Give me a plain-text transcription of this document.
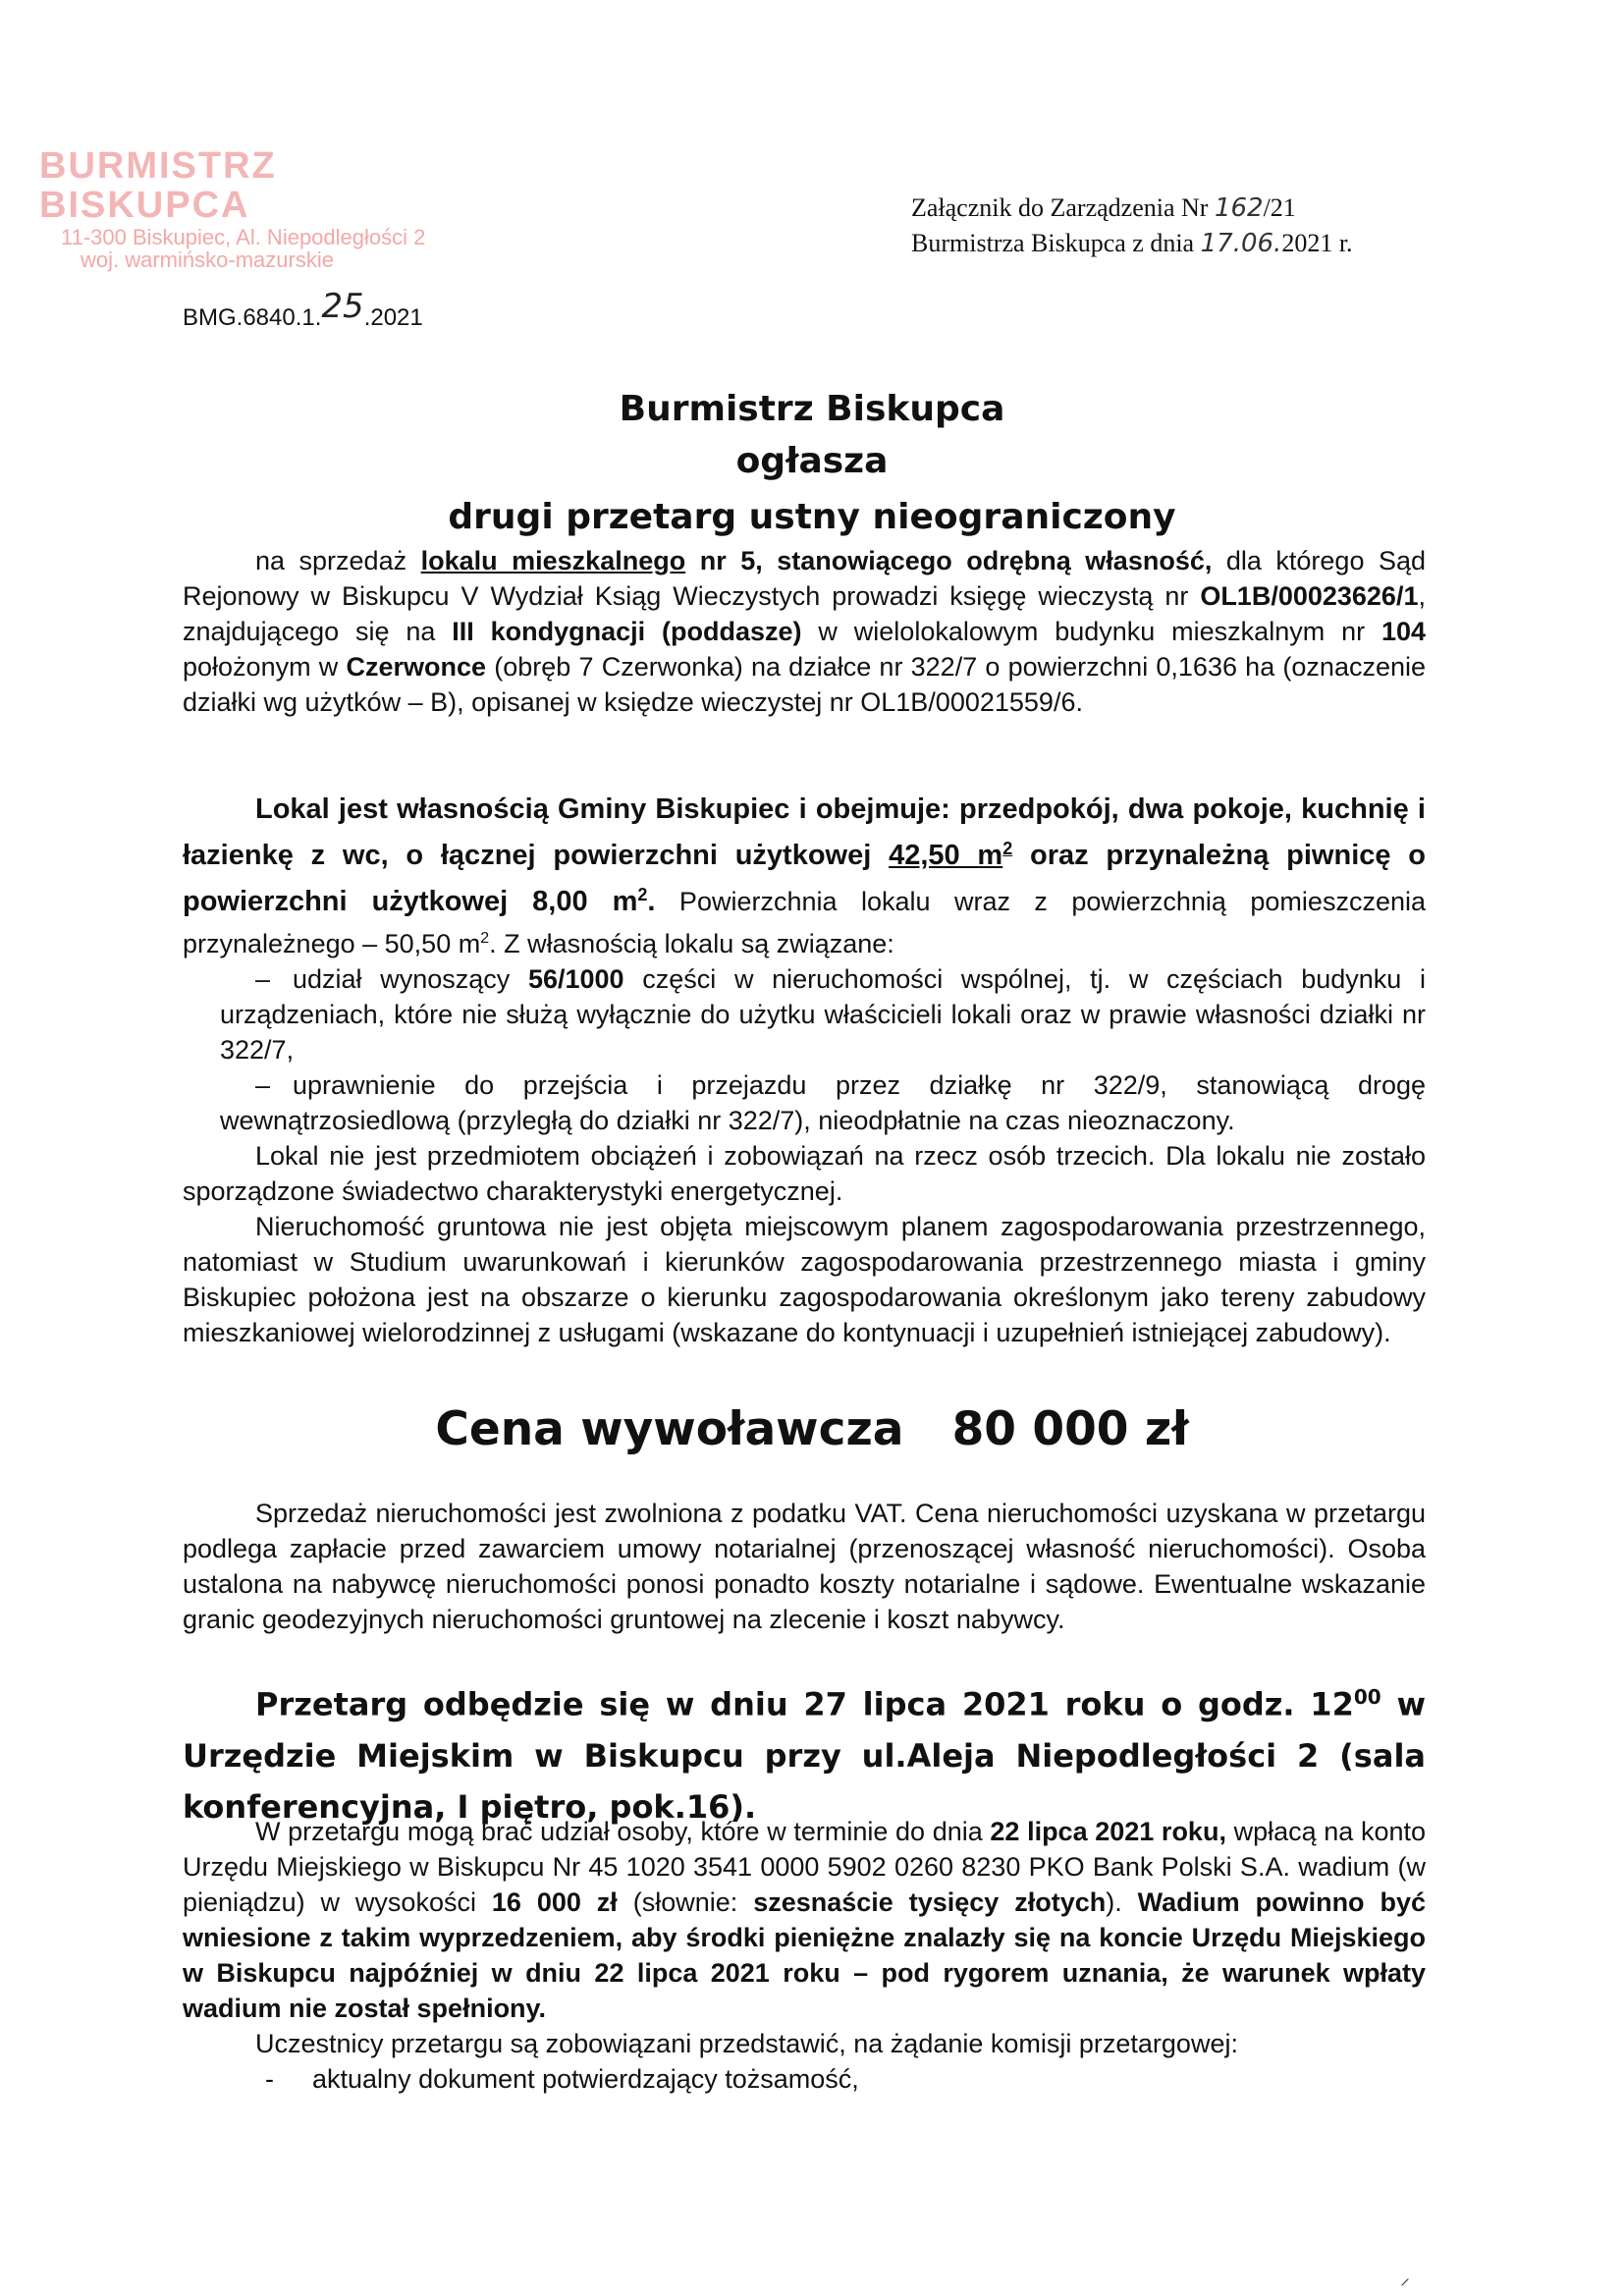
BURMISTRZ BISKUPCA
11-300 Biskupiec, Al. Niepodległości 2
woj. warmińsko-mazurskie
Załącznik do Zarządzenia Nr 162/21
Burmistrza Biskupca z dnia 17.06.2021 r.
BMG.6840.1.25.2021
Burmistrz Biskupca
ogłasza
drugi przetarg ustny nieograniczony
na sprzedaż lokalu mieszkalnego nr 5, stanowiącego odrębną własność, dla którego Sąd Rejonowy w Biskupcu V Wydział Ksiąg Wieczystych prowadzi księgę wieczystą nr OL1B/00023626/1, znajdującego się na III kondygnacji (poddasze) w wielolokalowym budynku mieszkalnym nr 104 położonym w Czerwonce (obręb 7 Czerwonka) na działce nr 322/7 o powierzchni 0,1636 ha (oznaczenie działki wg użytków – B), opisanej w księdze wieczystej nr OL1B/00021559/6.
Lokal jest własnością Gminy Biskupiec i obejmuje: przedpokój, dwa pokoje, kuchnię i łazienkę z wc, o łącznej powierzchni użytkowej 42,50 $m^2$ oraz przynależną piwnicę o powierzchni użytkowej 8,00 $m^2$. Powierzchnia lokalu wraz z powierzchnią pomieszczenia przynależnego – 50,50 $m^2$. Z własnością lokalu są związane:
– udział wynoszący 56/1000 części w nieruchomości wspólnej, tj. w częściach budynku i urządzeniach, które nie służą wyłącznie do użytku właścicieli lokali oraz w prawie własności działki nr 322/7,
– uprawnienie do przejścia i przejazdu przez działkę nr 322/9, stanowiącą drogę wewnątrzosiedlową (przyległą do działki nr 322/7), nieodpłatnie na czas nieoznaczony.
Lokal nie jest przedmiotem obciążeń i zobowiązań na rzecz osób trzecich. Dla lokalu nie zostało sporządzone świadectwo charakterystyki energetycznej.
Nieruchomość gruntowa nie jest objęta miejscowym planem zagospodarowania przestrzennego, natomiast w Studium uwarunkowań i kierunków zagospodarowania przestrzennego miasta i gminy Biskupiec położona jest na obszarze o kierunku zagospodarowania określonym jako tereny zabudowy mieszkaniowej wielorodzinnej z usługami (wskazane do kontynuacji i uzupełnień istniejącej zabudowy).
Cena wywoławcza 80 000 zł
Sprzedaż nieruchomości jest zwolniona z podatku VAT. Cena nieruchomości uzyskana w przetargu podlega zapłacie przed zawarciem umowy notarialnej (przenoszącej własność nieruchomości). Osoba ustalona na nabywcę nieruchomości ponosi ponadto koszty notarialne i sądowe. Ewentualne wskazanie granic geodezyjnych nieruchomości gruntowej na zlecenie i koszt nabywcy.
Przetarg odbędzie się w dniu 27 lipca 2021 roku o godz. $12^{00}$ w Urzędzie Miejskim w Biskupcu przy ul.Aleja Niepodległości 2 (sala konferencyjna, I piętro, pok.16).
W przetargu mogą brać udział osoby, które w terminie do dnia 22 lipca 2021 roku, wpłacą na konto Urzędu Miejskiego w Biskupcu Nr 45 1020 3541 0000 5902 0260 8230 PKO Bank Polski S.A. wadium (w pieniądzu) w wysokości 16 000 zł (słownie: szesnaście tysięcy złotych). Wadium powinno być wniesione z takim wyprzedzeniem, aby środki pieniężne znalazły się na koncie Urzędu Miejskiego w Biskupcu najpóźniej w dniu 22 lipca 2021 roku – pod rygorem uznania, że warunek wpłaty wadium nie został spełniony.
Uczestnicy przetargu są zobowiązani przedstawić, na żądanie komisji przetargowej:
- aktualny dokument potwierdzający tożsamość,
⸝
